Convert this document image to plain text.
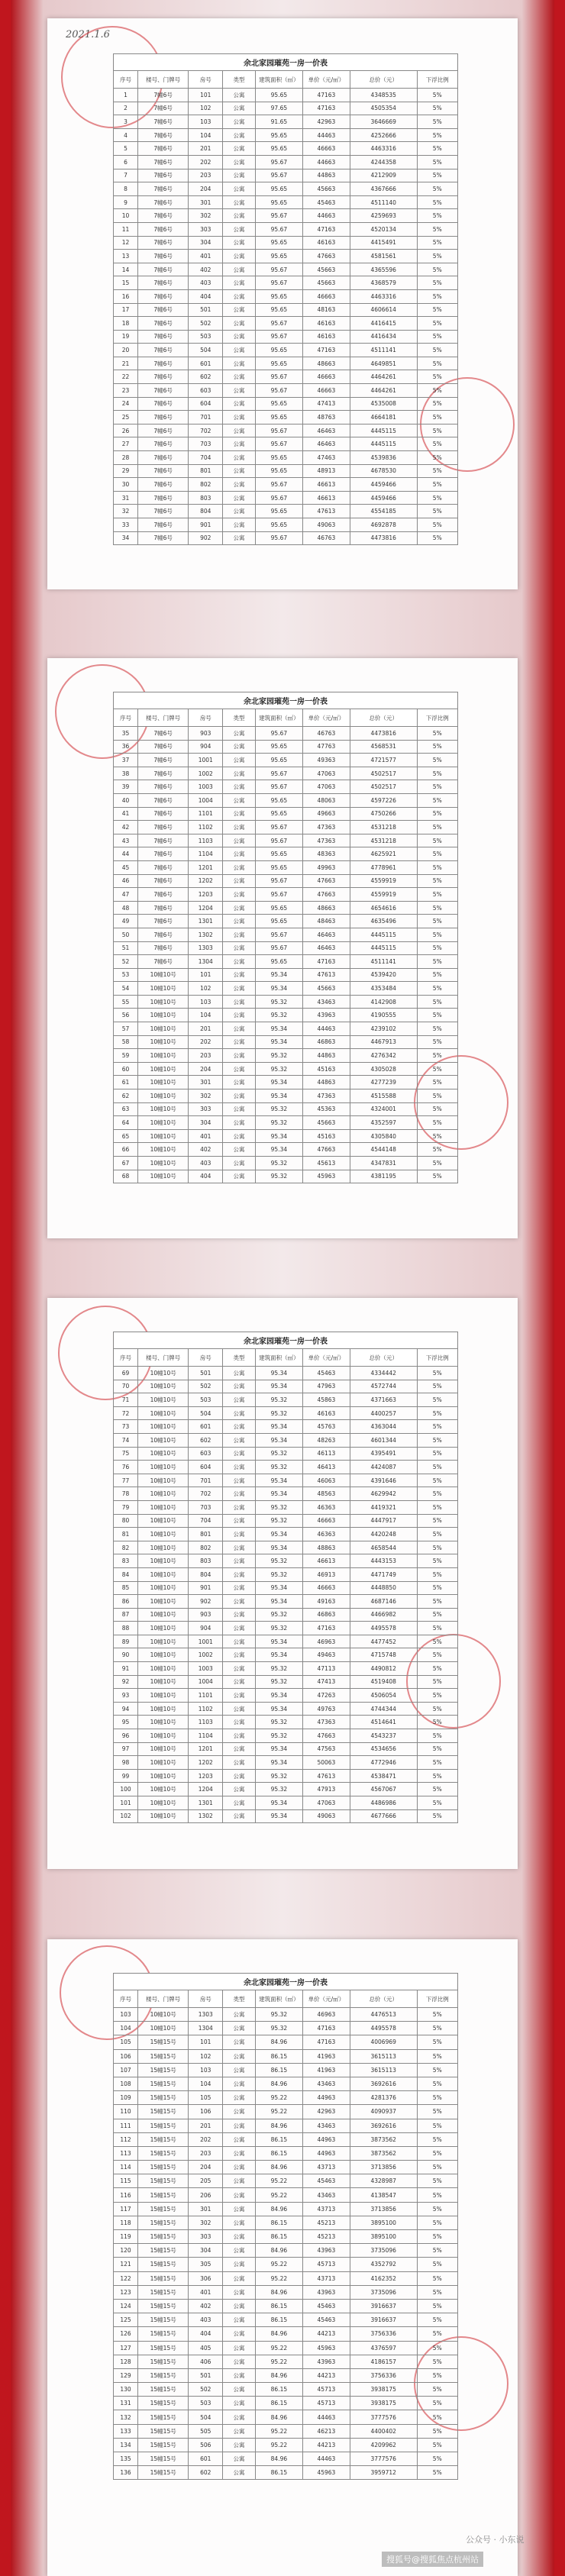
2021.1.6
余北家园璀苑一房一价表
序号	楼号、门牌号	房号	类型	建筑面积（㎡）	单价（元/㎡）	总价（元）	下浮比例
1	7幢6号	101	公寓	95.65	47163	4348535	5%
2	7幢6号	102	公寓	97.65	47163	4505354	5%
3	7幢6号	103	公寓	91.65	42963	3646669	5%
4	7幢6号	104	公寓	95.65	44463	4252666	5%
5	7幢6号	201	公寓	95.65	46663	4463316	5%
6	7幢6号	202	公寓	95.67	44663	4244358	5%
7	7幢6号	203	公寓	95.67	44863	4212909	5%
8	7幢6号	204	公寓	95.65	45663	4367666	5%
9	7幢6号	301	公寓	95.65	45463	4511140	5%
10	7幢6号	302	公寓	95.67	44663	4259693	5%
11	7幢6号	303	公寓	95.67	47163	4520134	5%
12	7幢6号	304	公寓	95.65	46163	4415491	5%
13	7幢6号	401	公寓	95.65	47663	4581561	5%
14	7幢6号	402	公寓	95.67	45663	4365596	5%
15	7幢6号	403	公寓	95.67	45663	4368579	5%
16	7幢6号	404	公寓	95.65	46663	4463316	5%
17	7幢6号	501	公寓	95.65	48163	4606614	5%
18	7幢6号	502	公寓	95.67	46163	4416415	5%
19	7幢6号	503	公寓	95.67	46163	4416434	5%
20	7幢6号	504	公寓	95.65	47163	4511141	5%
21	7幢6号	601	公寓	95.65	48663	4649851	5%
22	7幢6号	602	公寓	95.67	46663	4464261	5%
23	7幢6号	603	公寓	95.67	46663	4464261	5%
24	7幢6号	604	公寓	95.65	47413	4535008	5%
25	7幢6号	701	公寓	95.65	48763	4664181	5%
26	7幢6号	702	公寓	95.67	46463	4445115	5%
27	7幢6号	703	公寓	95.67	46463	4445115	5%
28	7幢6号	704	公寓	95.65	47463	4539836	5%
29	7幢6号	801	公寓	95.65	48913	4678530	5%
30	7幢6号	802	公寓	95.67	46613	4459466	5%
31	7幢6号	803	公寓	95.67	46613	4459466	5%
32	7幢6号	804	公寓	95.65	47613	4554185	5%
33	7幢6号	901	公寓	95.65	49063	4692878	5%
34	7幢6号	902	公寓	95.67	46763	4473816	5%
余北家园璀苑一房一价表
序号	楼号、门牌号	房号	类型	建筑面积（㎡）	单价（元/㎡）	总价（元）	下浮比例
35	7幢6号	903	公寓	95.67	46763	4473816	5%
36	7幢6号	904	公寓	95.65	47763	4568531	5%
37	7幢6号	1001	公寓	95.65	49363	4721577	5%
38	7幢6号	1002	公寓	95.67	47063	4502517	5%
39	7幢6号	1003	公寓	95.67	47063	4502517	5%
40	7幢6号	1004	公寓	95.65	48063	4597226	5%
41	7幢6号	1101	公寓	95.65	49663	4750266	5%
42	7幢6号	1102	公寓	95.67	47363	4531218	5%
43	7幢6号	1103	公寓	95.67	47363	4531218	5%
44	7幢6号	1104	公寓	95.65	48363	4625921	5%
45	7幢6号	1201	公寓	95.65	49963	4778961	5%
46	7幢6号	1202	公寓	95.67	47663	4559919	5%
47	7幢6号	1203	公寓	95.67	47663	4559919	5%
48	7幢6号	1204	公寓	95.65	48663	4654616	5%
49	7幢6号	1301	公寓	95.65	48463	4635496	5%
50	7幢6号	1302	公寓	95.67	46463	4445115	5%
51	7幢6号	1303	公寓	95.67	46463	4445115	5%
52	7幢6号	1304	公寓	95.65	47163	4511141	5%
53	10幢10号	101	公寓	95.34	47613	4539420	5%
54	10幢10号	102	公寓	95.34	45663	4353484	5%
55	10幢10号	103	公寓	95.32	43463	4142908	5%
56	10幢10号	104	公寓	95.32	43963	4190555	5%
57	10幢10号	201	公寓	95.34	44463	4239102	5%
58	10幢10号	202	公寓	95.34	46863	4467913	5%
59	10幢10号	203	公寓	95.32	44863	4276342	5%
60	10幢10号	204	公寓	95.32	45163	4305028	5%
61	10幢10号	301	公寓	95.34	44863	4277239	5%
62	10幢10号	302	公寓	95.34	47363	4515588	5%
63	10幢10号	303	公寓	95.32	45363	4324001	5%
64	10幢10号	304	公寓	95.32	45663	4352597	5%
65	10幢10号	401	公寓	95.34	45163	4305840	5%
66	10幢10号	402	公寓	95.34	47663	4544148	5%
67	10幢10号	403	公寓	95.32	45613	4347831	5%
68	10幢10号	404	公寓	95.32	45963	4381195	5%
余北家园璀苑一房一价表
序号	楼号、门牌号	房号	类型	建筑面积（㎡）	单价（元/㎡）	总价（元）	下浮比例
69	10幢10号	501	公寓	95.34	45463	4334442	5%
70	10幢10号	502	公寓	95.34	47963	4572744	5%
71	10幢10号	503	公寓	95.32	45863	4371663	5%
72	10幢10号	504	公寓	95.32	46163	4400257	5%
73	10幢10号	601	公寓	95.34	45763	4363044	5%
74	10幢10号	602	公寓	95.34	48263	4601344	5%
75	10幢10号	603	公寓	95.32	46113	4395491	5%
76	10幢10号	604	公寓	95.32	46413	4424087	5%
77	10幢10号	701	公寓	95.34	46063	4391646	5%
78	10幢10号	702	公寓	95.34	48563	4629942	5%
79	10幢10号	703	公寓	95.32	46363	4419321	5%
80	10幢10号	704	公寓	95.32	46663	4447917	5%
81	10幢10号	801	公寓	95.34	46363	4420248	5%
82	10幢10号	802	公寓	95.34	48863	4658544	5%
83	10幢10号	803	公寓	95.32	46613	4443153	5%
84	10幢10号	804	公寓	95.32	46913	4471749	5%
85	10幢10号	901	公寓	95.34	46663	4448850	5%
86	10幢10号	902	公寓	95.34	49163	4687146	5%
87	10幢10号	903	公寓	95.32	46863	4466982	5%
88	10幢10号	904	公寓	95.32	47163	4495578	5%
89	10幢10号	1001	公寓	95.34	46963	4477452	5%
90	10幢10号	1002	公寓	95.34	49463	4715748	5%
91	10幢10号	1003	公寓	95.32	47113	4490812	5%
92	10幢10号	1004	公寓	95.32	47413	4519408	5%
93	10幢10号	1101	公寓	95.34	47263	4506054	5%
94	10幢10号	1102	公寓	95.34	49763	4744344	5%
95	10幢10号	1103	公寓	95.32	47363	4514641	5%
96	10幢10号	1104	公寓	95.32	47663	4543237	5%
97	10幢10号	1201	公寓	95.34	47563	4534656	5%
98	10幢10号	1202	公寓	95.34	50063	4772946	5%
99	10幢10号	1203	公寓	95.32	47613	4538471	5%
100	10幢10号	1204	公寓	95.32	47913	4567067	5%
101	10幢10号	1301	公寓	95.34	47063	4486986	5%
102	10幢10号	1302	公寓	95.34	49063	4677666	5%
余北家园璀苑一房一价表
序号	楼号、门牌号	房号	类型	建筑面积（㎡）	单价（元/㎡）	总价（元）	下浮比例
103	10幢10号	1303	公寓	95.32	46963	4476513	5%
104	10幢10号	1304	公寓	95.32	47163	4495578	5%
105	15幢15号	101	公寓	84.96	47163	4006969	5%
106	15幢15号	102	公寓	86.15	41963	3615113	5%
107	15幢15号	103	公寓	86.15	41963	3615113	5%
108	15幢15号	104	公寓	84.96	43463	3692616	5%
109	15幢15号	105	公寓	95.22	44963	4281376	5%
110	15幢15号	106	公寓	95.22	42963	4090937	5%
111	15幢15号	201	公寓	84.96	43463	3692616	5%
112	15幢15号	202	公寓	86.15	44963	3873562	5%
113	15幢15号	203	公寓	86.15	44963	3873562	5%
114	15幢15号	204	公寓	84.96	43713	3713856	5%
115	15幢15号	205	公寓	95.22	45463	4328987	5%
116	15幢15号	206	公寓	95.22	43463	4138547	5%
117	15幢15号	301	公寓	84.96	43713	3713856	5%
118	15幢15号	302	公寓	86.15	45213	3895100	5%
119	15幢15号	303	公寓	86.15	45213	3895100	5%
120	15幢15号	304	公寓	84.96	43963	3735096	5%
121	15幢15号	305	公寓	95.22	45713	4352792	5%
122	15幢15号	306	公寓	95.22	43713	4162352	5%
123	15幢15号	401	公寓	84.96	43963	3735096	5%
124	15幢15号	402	公寓	86.15	45463	3916637	5%
125	15幢15号	403	公寓	86.15	45463	3916637	5%
126	15幢15号	404	公寓	84.96	44213	3756336	5%
127	15幢15号	405	公寓	95.22	45963	4376597	5%
128	15幢15号	406	公寓	95.22	43963	4186157	5%
129	15幢15号	501	公寓	84.96	44213	3756336	5%
130	15幢15号	502	公寓	86.15	45713	3938175	5%
131	15幢15号	503	公寓	86.15	45713	3938175	5%
132	15幢15号	504	公寓	84.96	44463	3777576	5%
133	15幢15号	505	公寓	95.22	46213	4400402	5%
134	15幢15号	506	公寓	95.22	44213	4209962	5%
135	15幢15号	601	公寓	84.96	44463	3777576	5%
136	15幢15号	602	公寓	86.15	45963	3959712	5%
公众号 · 小东说
搜狐号@搜狐焦点杭州站
